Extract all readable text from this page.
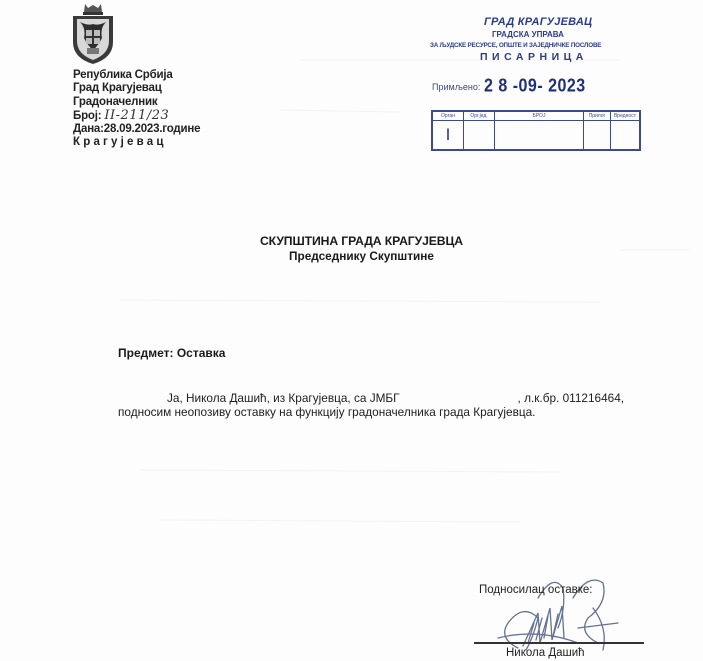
Република Србија
Град Крагујевац
Градоначелник
Број: II-211/23
Дана:28.09.2023.године
Крагујевац
ГРАД КРАГУЈЕВАЦ
ГРАДСКА УПРАВА
ЗА ЉУДСКЕ РЕСУРСЕ, ОПШТЕ И ЗАЈЕДНИЧКЕ ПОСЛОВЕ
ПИСАРНИЦА
Примљено: 2 8 -09- 2023
Орган	Орг.јед.	БРОЈ	Прилог	Вредност
I				
СКУПШТИНА ГРАДА КРАГУЈЕВЦА
Председнику Скупштине
Предмет: Оставка
Ја, Никола Дашић, из Крагујевца, са ЈМБГ	, л.к.бр. 011216464, подносим неопозиву оставку на функцију градоначелника града Крагујевца.
Подносилац оставке:
Никола Дашић
